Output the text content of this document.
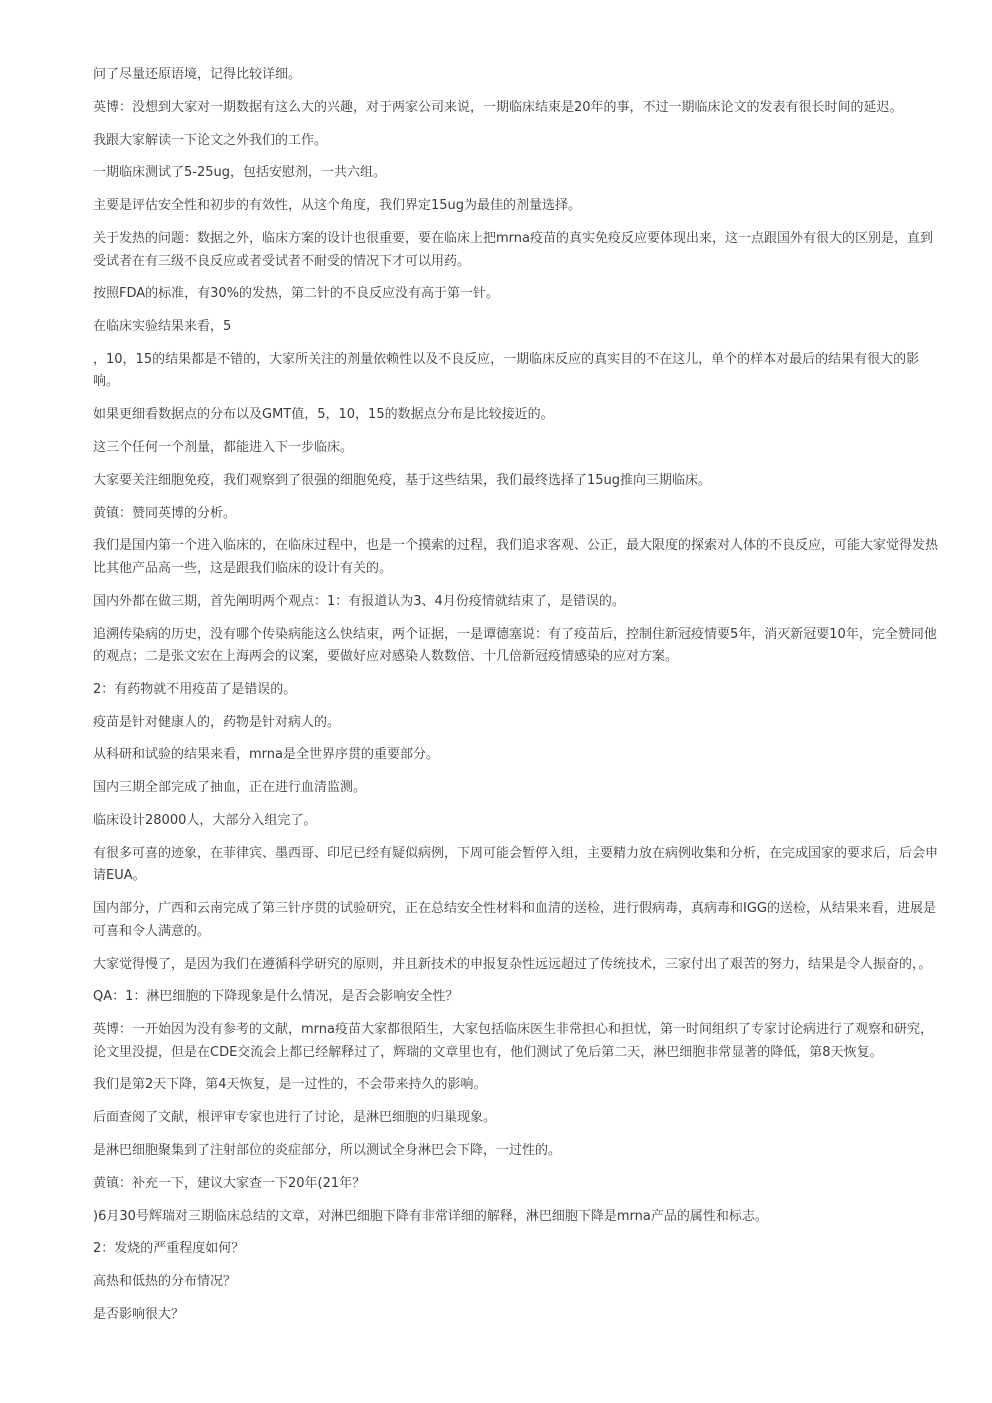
问了尽量还原语境，记得比较详细。

英博：没想到大家对一期数据有这么大的兴趣，对于两家公司来说，一期临床结束是20年的事，不过一期临床论文的发表有很长时间的延迟。

我跟大家解读一下论文之外我们的工作。

一期临床测试了5-25ug，包括安慰剂，一共六组。

主要是评估安全性和初步的有效性，从这个角度，我们界定15ug为最佳的剂量选择。

关于发热的问题：数据之外，临床方案的设计也很重要，要在临床上把mrna疫苗的真实免疫反应要体现出来，这一点跟国外有很大的区别是，直到受试者在有三级不良反应或者受试者不耐受的情况下才可以用药。

按照FDA的标准，有30%的发热，第二针的不良反应没有高于第一针。

在临床实验结果来看，5

，10，15的结果都是不错的，大家所关注的剂量依赖性以及不良反应，一期临床反应的真实目的不在这儿，单个的样本对最后的结果有很大的影响。

如果更细看数据点的分布以及GMT值，5，10，15的数据点分布是比较接近的。

这三个任何一个剂量，都能进入下一步临床。

大家要关注细胞免疫，我们观察到了很强的细胞免疫，基于这些结果，我们最终选择了15ug推向三期临床。

黄镇：赞同英博的分析。

我们是国内第一个进入临床的，在临床过程中，也是一个摸索的过程，我们追求客观、公正，最大限度的探索对人体的不良反应，可能大家觉得发热比其他产品高一些，这是跟我们临床的设计有关的。

国内外都在做三期，首先阐明两个观点：1：有报道认为3、4月份疫情就结束了，是错误的。

追溯传染病的历史，没有哪个传染病能这么快结束，两个证据，一是谭德塞说：有了疫苗后，控制住新冠疫情要5年，消灭新冠要10年，完全赞同他的观点；二是张文宏在上海两会的议案，要做好应对感染人数数倍、十几倍新冠疫情感染的应对方案。

2：有药物就不用疫苗了是错误的。

疫苗是针对健康人的，药物是针对病人的。

从科研和试验的结果来看，mrna是全世界序贯的重要部分。

国内三期全部完成了抽血，正在进行血清监测。

临床设计28000人，大部分入组完了。

有很多可喜的迹象，在菲律宾、墨西哥、印尼已经有疑似病例，下周可能会暂停入组，主要精力放在病例收集和分析，在完成国家的要求后，后会申请EUA。

国内部分，广西和云南完成了第三针序贯的试验研究，正在总结安全性材料和血清的送检，进行假病毒，真病毒和IGG的送检，从结果来看，进展是可喜和令人满意的。

大家觉得慢了，是因为我们在遵循科学研究的原则，并且新技术的申报复杂性远远超过了传统技术，三家付出了艰苦的努力，结果是令人振奋的，。

QA：1：淋巴细胞的下降现象是什么情况，是否会影响安全性？

英博：一开始因为没有参考的文献，mrna疫苗大家都很陌生，大家包括临床医生非常担心和担忧，第一时间组织了专家讨论病进行了观察和研究，论文里没提，但是在CDE交流会上都已经解释过了，辉瑞的文章里也有，他们测试了免后第二天，淋巴细胞非常显著的降低，第8天恢复。

我们是第2天下降，第4天恢复，是一过性的，不会带来持久的影响。

后面查阅了文献，根评审专家也进行了讨论，是淋巴细胞的归巢现象。

是淋巴细胞聚集到了注射部位的炎症部分，所以测试全身淋巴会下降，一过性的。

黄镇：补充一下，建议大家查一下20年(21年？

)6月30号辉瑞对三期临床总结的文章，对淋巴细胞下降有非常详细的解释，淋巴细胞下降是mrna产品的属性和标志。

2：发烧的严重程度如何？

高热和低热的分布情况？

是否影响很大？
